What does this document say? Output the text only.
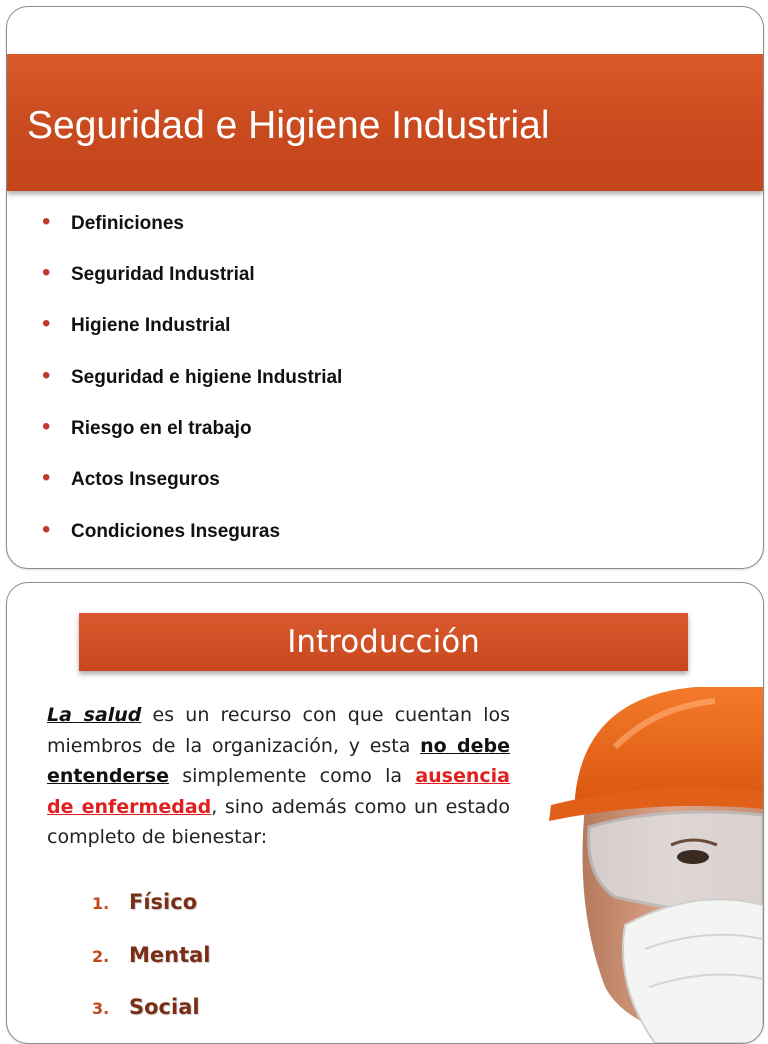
Seguridad e Higiene Industrial
• Definiciones
• Seguridad Industrial
• Higiene Industrial
• Seguridad e higiene Industrial
• Riesgo en el trabajo
• Actos Inseguros
• Condiciones Inseguras
Introducción

La salud es un recurso con que cuentan los miembros de la organización, y esta no debe entenderse simplemente como la ausencia de enfermedad, sino además como un estado completo de bienestar:

1. Físico
2. Mental
3. Social
